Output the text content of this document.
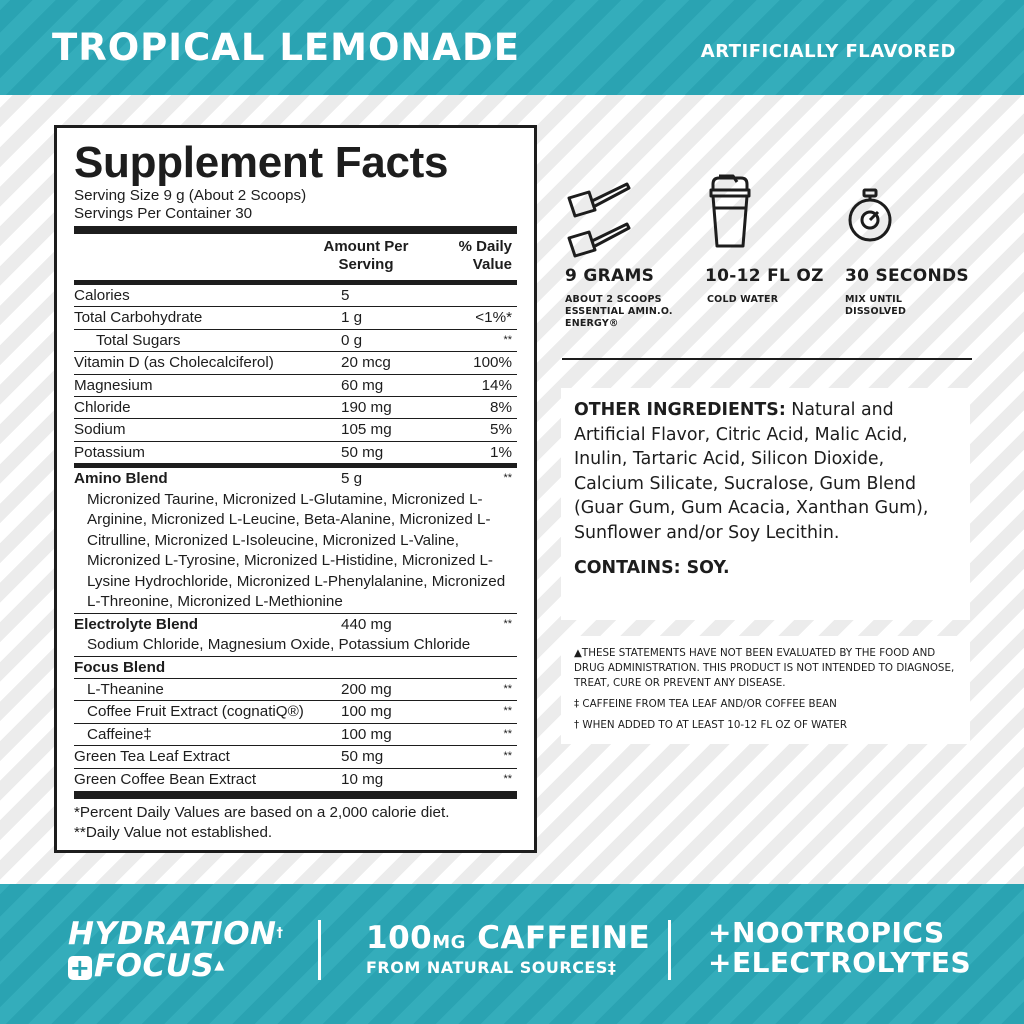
TROPICAL LEMONADE	ARTIFICIALLY FLAVORED
Supplement Facts
Serving Size 9 g (About 2 Scoops)
Servings Per Container 30
Amount Per Serving
% Daily Value
Calories	5
Total Carbohydrate	1 g	<1%*
Total Sugars	0 g	**
Vitamin D (as Cholecalciferol)	20 mcg	100%
Magnesium	60 mg	14%
Chloride	190 mg	8%
Sodium	105 mg	5%
Potassium	50 mg	1%
Amino Blend	5 g	**
Micronized Taurine, Micronized L-Glutamine, Micronized L-Arginine, Micronized L-Leucine, Beta-Alanine, Micronized L-Citrulline, Micronized L-Isoleucine, Micronized L-Valine, Micronized L-Tyrosine, Micronized L-Histidine, Micronized L-Lysine Hydrochloride, Micronized L-Phenylalanine, Micronized L-Threonine, Micronized L-Methionine
Electrolyte Blend	440 mg	**
Sodium Chloride, Magnesium Oxide, Potassium Chloride
Focus Blend
L-Theanine	200 mg	**
Coffee Fruit Extract (cognatiQ®)	100 mg	**
Caffeine‡	100 mg	**
Green Tea Leaf Extract	50 mg	**
Green Coffee Bean Extract	10 mg	**
*Percent Daily Values are based on a 2,000 calorie diet.
**Daily Value not established.
9 GRAMS
ABOUT 2 SCOOPS
ESSENTIAL AMIN.O.
ENERGY®
10-12 FL OZ
COLD WATER
30 SECONDS
MIX UNTIL
DISSOLVED
OTHER INGREDIENTS: Natural and Artificial Flavor, Citric Acid, Malic Acid, Inulin, Tartaric Acid, Silicon Dioxide, Calcium Silicate, Sucralose, Gum Blend (Guar Gum, Gum Acacia, Xanthan Gum), Sunflower and/or Soy Lecithin.
CONTAINS: SOY.

▲THESE STATEMENTS HAVE NOT BEEN EVALUATED BY THE FOOD AND DRUG ADMINISTRATION. THIS PRODUCT IS NOT INTENDED TO DIAGNOSE, TREAT, CURE OR PREVENT ANY DISEASE.

‡ CAFFEINE FROM TEA LEAF AND/OR COFFEE BEAN

† WHEN ADDED TO AT LEAST 10-12 FL OZ OF WATER

HYDRATION†
+ FOCUS▲
100MG CAFFEINE
FROM NATURAL SOURCES‡
+NOOTROPICS
+ELECTROLYTES
